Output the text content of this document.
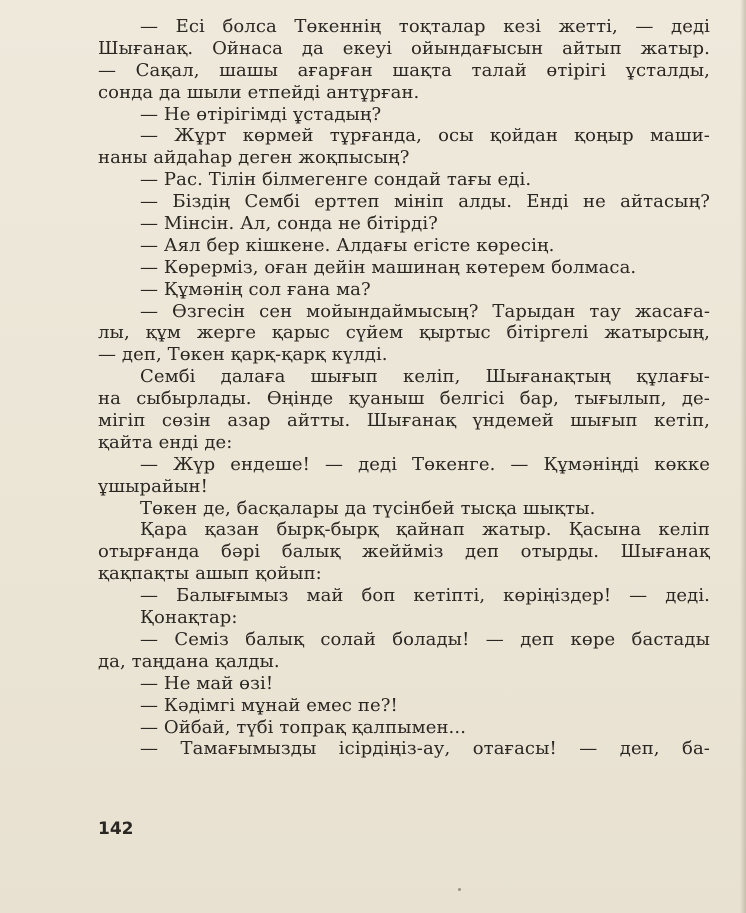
— Есі болса Төкеннің тоқталар кезі жетті, — деді
Шығанақ. Ойнаса да екеуі ойындағысын айтып жатыр.
— Сақал, шашы ағарған шақта талай өтірігі ұсталды,
сонда да шыли етпейді антұрған.
— Не өтірігімді ұстадың?
— Жұрт көрмей тұрғанда, осы қойдан қоңыр маши-
наны айдаһар деген жоқпысың?
— Рас. Тілін білмегенге сондай тағы еді.
— Біздің Сембі ерттеп мініп алды. Енді не айтасың?
— Мінсін. Ал, сонда не бітірді?
— Аял бер кішкене. Алдағы егісте көресің.
— Көрерміз, оған дейін машинаң көтерем болмаса.
— Құмәнің сол ғана ма?
— Өзгесін сен мойындаймысың? Тарыдан тау жасаға-
лы, құм жерге қарыс сүйем қыртыс бітіргелі жатырсың,
— деп, Төкен қарқ-қарқ күлді.
Сембі далаға шығып келіп, Шығанақтың құлағы-
на сыбырлады. Өңінде қуаныш белгісі бар, тығылып, де-
мігіп сөзін азар айтты. Шығанақ үндемей шығып кетіп,
қайта енді де:
— Жүр ендеше! — деді Төкенге. — Құмәніңді көкке
ұшырайын!
Төкен де, басқалары да түсінбей тысқа шықты.
Қара қазан бырқ-бырқ қайнап жатыр. Қасына келіп
отырғанда бәрі балық жеййміз деп отырды. Шығанақ
қақпақты ашып қойып:
— Балығымыз май боп кетіпті, көріңіздер! — деді.
Қонақтар:
— Семіз балық солай болады! — деп көре бастады
да, таңдана қалды.
— Не май өзі!
— Кәдімгі мұнай емес пе?!
— Ойбай, түбі топрақ қалпымен...
— Тамағымызды ісірдіңіз-ау, отағасы! — деп, ба-
142
